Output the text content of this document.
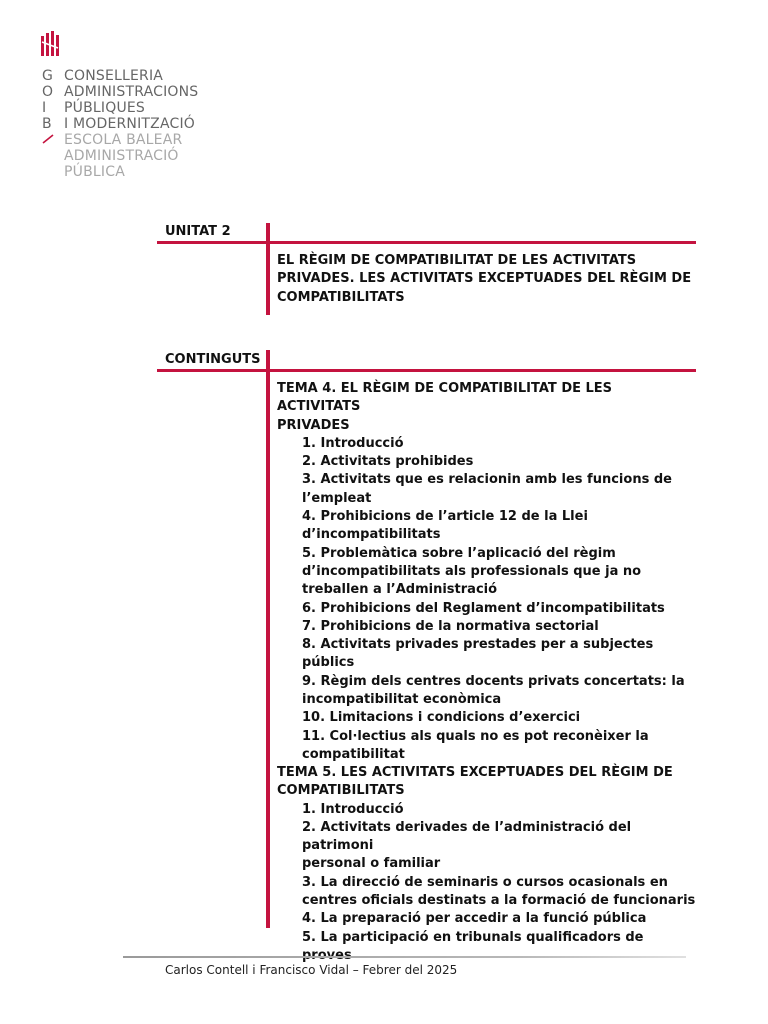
G CONSELLERIA
O ADMINISTRACIONS
I PÚBLIQUES
B I MODERNITZACIÓ
ESCOLA BALEAR
ADMINISTRACIÓ
PÚBLICA
UNITAT 2
EL RÈGIM DE COMPATIBILITAT DE LES ACTIVITATS
PRIVADES. LES ACTIVITATS EXCEPTUADES DEL RÈGIM DE
COMPATIBILITATS
CONTINGUTS
TEMA 4. EL RÈGIM DE COMPATIBILITAT DE LES ACTIVITATS
PRIVADES
1. Introducció
2. Activitats prohibides
3. Activitats que es relacionin amb les funcions de
l’empleat
4. Prohibicions de l’article 12 de la Llei
d’incompatibilitats
5. Problemàtica sobre l’aplicació del règim
d’incompatibilitats als professionals que ja no
treballen a l’Administració
6. Prohibicions del Reglament d’incompatibilitats
7. Prohibicions de la normativa sectorial
8. Activitats privades prestades per a subjectes públics
9. Règim dels centres docents privats concertats: la
incompatibilitat econòmica
10. Limitacions i condicions d’exercici
11. Col·lectius als quals no es pot reconèixer la
compatibilitat
TEMA 5. LES ACTIVITATS EXCEPTUADES DEL RÈGIM DE
COMPATIBILITATS
1. Introducció
2. Activitats derivades de l’administració del patrimoni
personal o familiar
3. La direcció de seminaris o cursos ocasionals en
centres oficials destinats a la formació de funcionaris
4. La preparació per accedir a la funció pública
5. La participació en tribunals qualificadors de
Carlos Contell i Francisco Vidal – Febrer del 2025
